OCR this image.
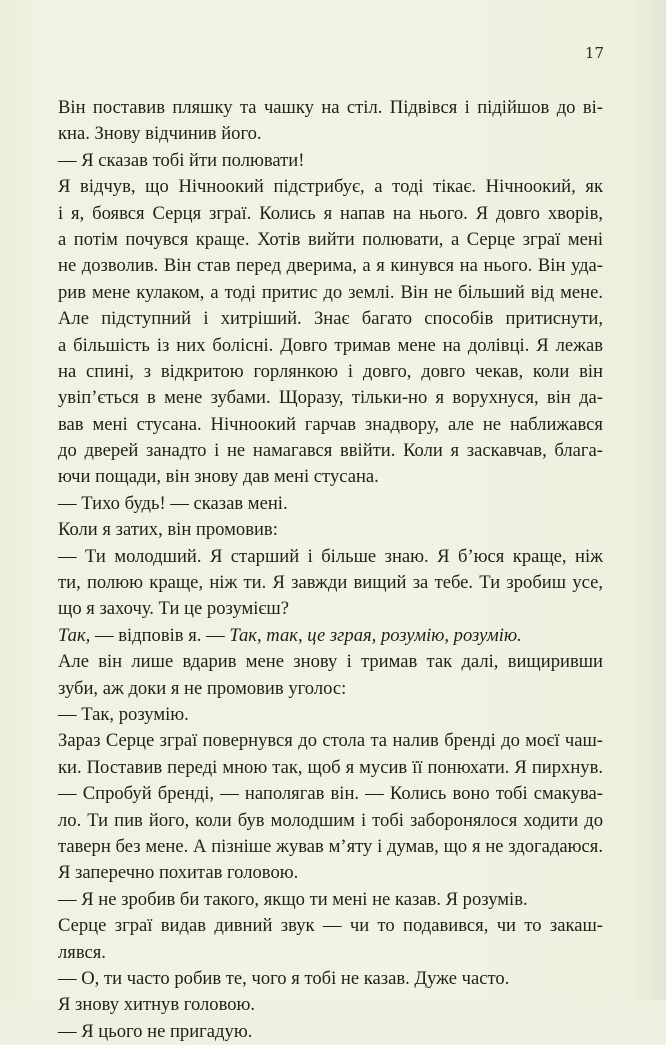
17
Він поставив пляшку та чашку на стіл. Підвівся і підійшов до ві-
кна. Знову відчинив його.
— Я сказав тобі йти полювати!
Я відчув, що Нічноокий підстрибує, а тоді тікає. Нічноокий, як
і я, боявся Серця зграї. Колись я напав на нього. Я довго хворів,
а потім почувся краще. Хотів вийти полювати, а Серце зграї мені
не дозволив. Він став перед дверима, а я кинувся на нього. Він уда-
рив мене кулаком, а тоді притис до землі. Він не більший від мене.
Але підступний і хитріший. Знає багато способів притиснути,
а більшість із них болісні. Довго тримав мене на долівці. Я лежав
на спині, з відкритою горлянкою і довго, довго чекав, коли він
увіп’ється в мене зубами. Щоразу, тільки-но я ворухнуся, він да-
вав мені стусана. Нічноокий гарчав знадвору, але не наближався
до дверей занадто і не намагався ввійти. Коли я заскавчав, блага-
ючи пощади, він знову дав мені стусана.
— Тихо будь! — сказав мені.
Коли я затих, він промовив:
— Ти молодший. Я старший і більше знаю. Я б’юся краще, ніж
ти, полюю краще, ніж ти. Я завжди вищий за тебе. Ти зробиш усе,
що я захочу. Ти це розумієш?
Так, — відповів я. — Так, так, це зграя, розумію, розумію.
Але він лише вдарив мене знову і тримав так далі, вищиривши
зуби, аж доки я не промовив уголос:
— Так, розумію.
Зараз Серце зграї повернувся до стола та налив бренді до моєї чаш-
ки. Поставив переді мною так, щоб я мусив її понюхати. Я пирхнув.
— Спробуй бренді, — наполягав він. — Колись воно тобі смакува-
ло. Ти пив його, коли був молодшим і тобі заборонялося ходити до
таверн без мене. А пізніше жував м’яту і думав, що я не здогадаюся.
Я заперечно похитав головою.
— Я не зробив би такого, якщо ти мені не казав. Я розумів.
Серце зграї видав дивний звук — чи то подавився, чи то закаш-
лявся.
— О, ти часто робив те, чого я тобі не казав. Дуже часто.
Я знову хитнув головою.
— Я цього не пригадую.
